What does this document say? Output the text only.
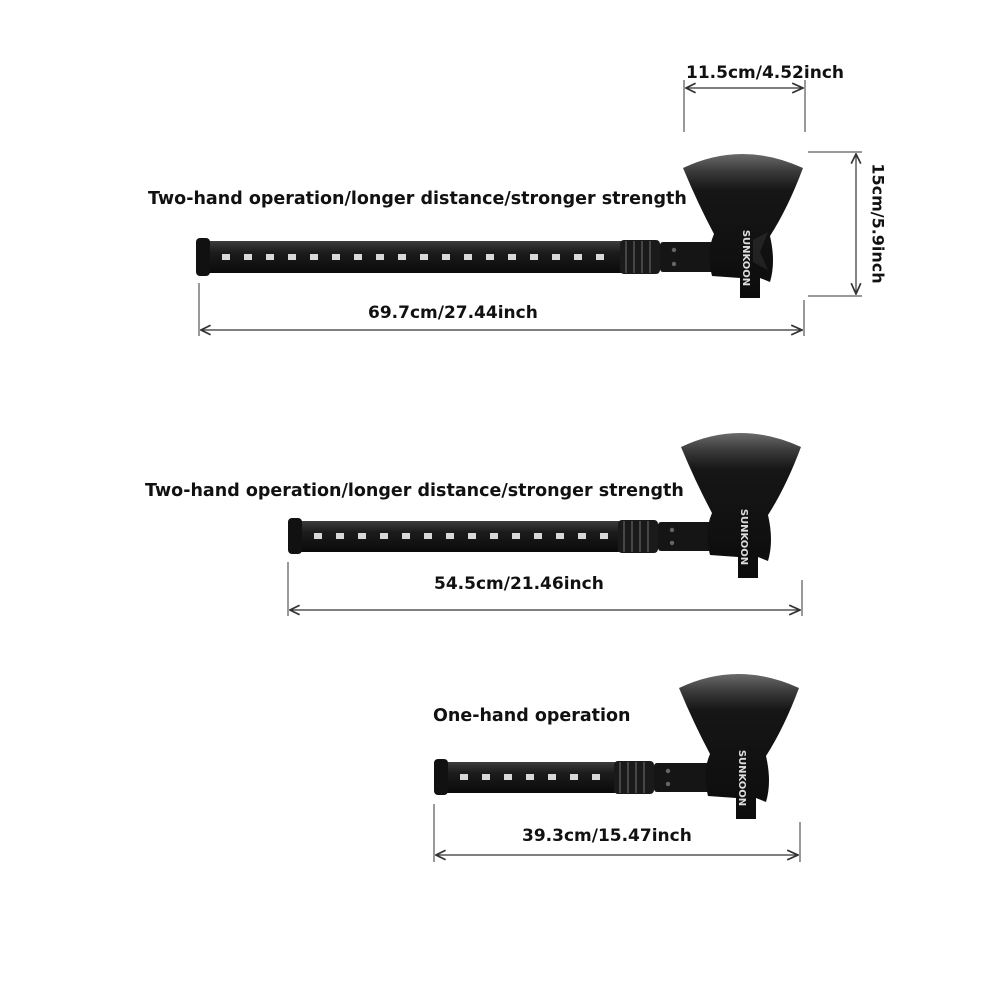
SUNKOON
SUNKOON
SUNKOON
11.5cm/4.52inch
15cm/5.9inch
Two-hand operation/longer distance/stronger strength
69.7cm/27.44inch
Two-hand operation/longer distance/stronger strength
54.5cm/21.46inch
One-hand operation
39.3cm/15.47inch
